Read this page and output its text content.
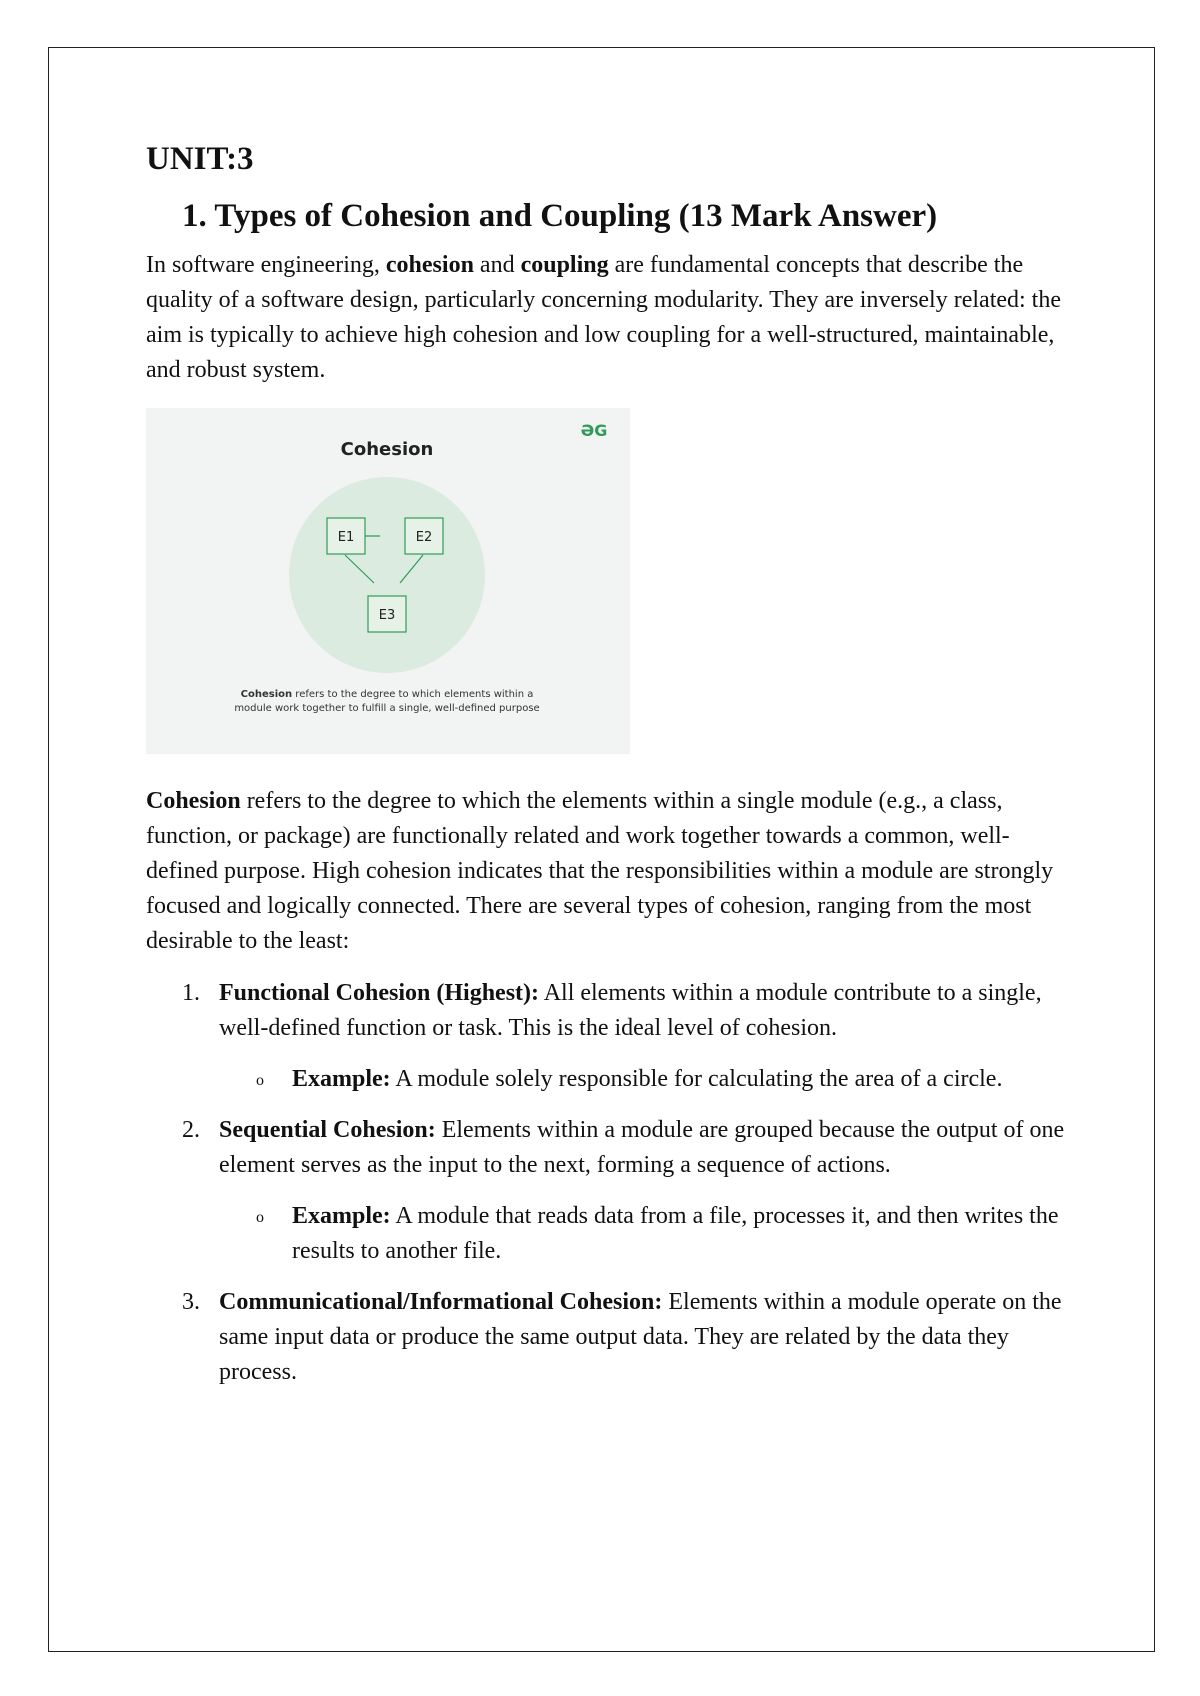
UNIT:3
1. Types of Cohesion and Coupling (13 Mark Answer)

In software engineering, cohesion and coupling are fundamental concepts that describe the quality of a software design, particularly concerning modularity. They are inversely related: the aim is typically to achieve high cohesion and low coupling for a well-structured, maintainable, and robust system.

ƏG
Cohesion
E1	E2
E3
Cohesion refers to the degree to which elements within a
module work together to fulfill a single, well-defined purpose

Cohesion refers to the degree to which the elements within a single module (e.g., a class, function, or package) are functionally related and work together towards a common, well-defined purpose. High cohesion indicates that the responsibilities within a module are strongly focused and logically connected. There are several types of cohesion, ranging from the most desirable to the least:

1. Functional Cohesion (Highest): All elements within a module contribute to a single, well-defined function or task. This is the ideal level of cohesion.
o Example: A module solely responsible for calculating the area of a circle.
2. Sequential Cohesion: Elements within a module are grouped because the output of one element serves as the input to the next, forming a sequence of actions.
o Example: A module that reads data from a file, processes it, and then writes the results to another file.
3. Communicational/Informational Cohesion: Elements within a module operate on the same input data or produce the same output data. They are related by the data they process.
